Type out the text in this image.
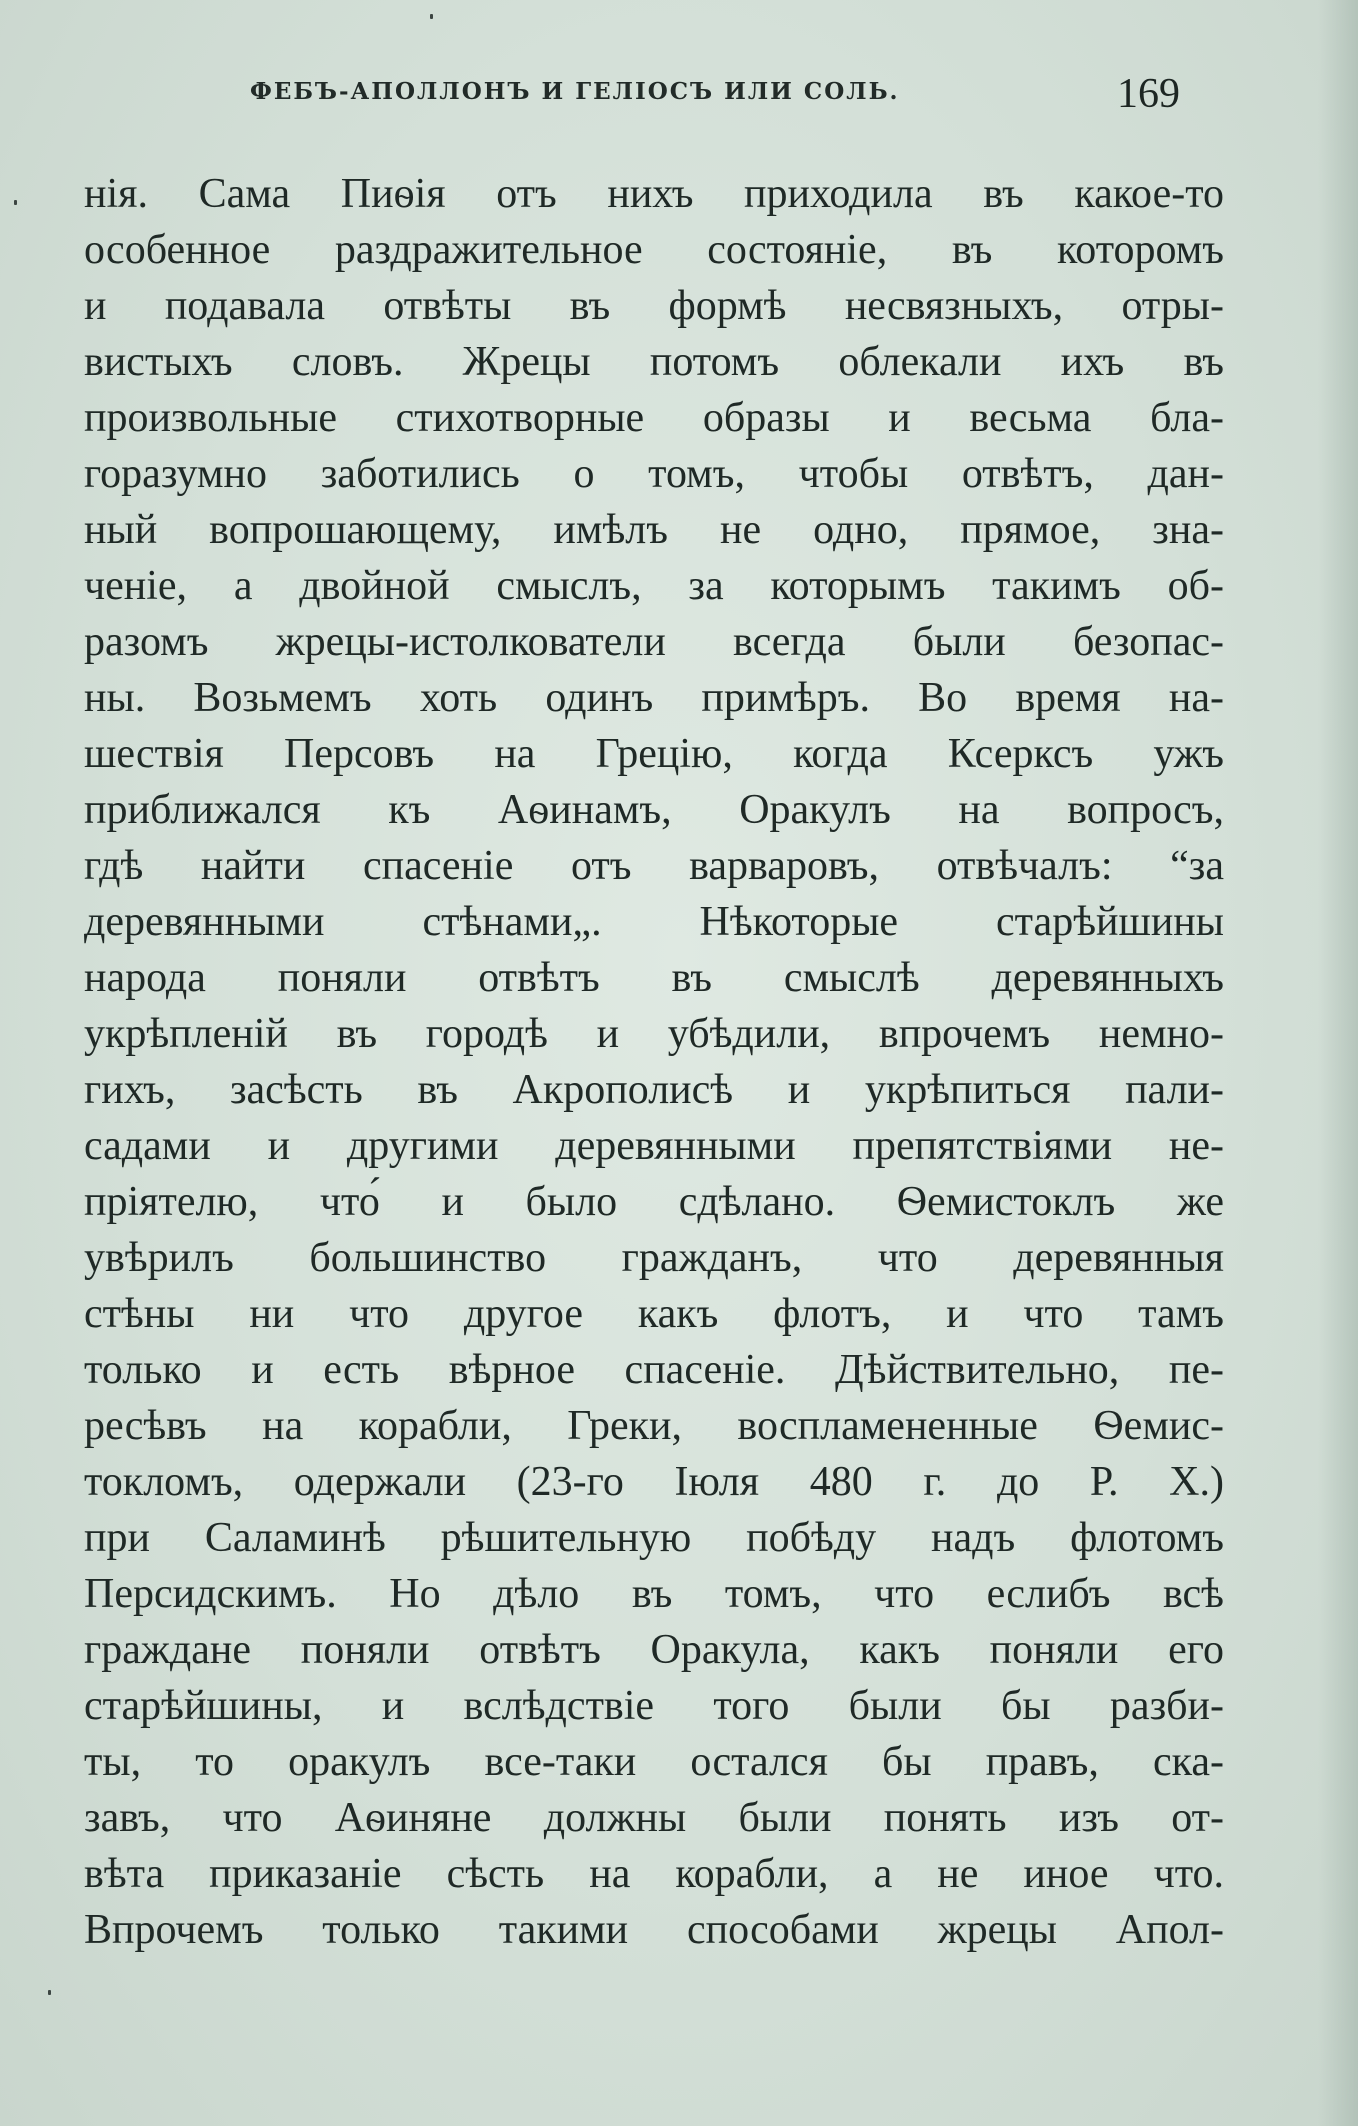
ФЕБЪ-АПОЛЛОНЪ И ГЕЛІОСЪ ИЛИ СОЛЬ.	169
нія. Сама Пиѳія отъ нихъ приходила въ какое-то
особенное раздражительное состояніе, въ которомъ
и подавала отвѣты въ формѣ несвязныхъ, отры-
вистыхъ словъ. Жрецы потомъ облекали ихъ въ
произвольные стихотворные образы и весьма бла-
горазумно заботились о томъ, чтобы отвѣтъ, дан-
ный вопрошающему, имѣлъ не одно, прямое, зна-
ченіе, а двойной смыслъ, за которымъ такимъ об-
разомъ жрецы-истолкователи всегда были безопас-
ны. Возьмемъ хоть одинъ примѣръ. Во время на-
шествія Персовъ на Грецію, когда Ксерксъ ужъ
приближался къ Аѳинамъ, Оракулъ на вопросъ,
гдѣ найти спасеніе отъ варваровъ, отвѣчалъ: “за
деревянными стѣнами„. Нѣкоторые старѣйшины
народа поняли отвѣтъ въ смыслѣ деревянныхъ
укрѣпленій въ городѣ и убѣдили, впрочемъ немно-
гихъ, засѣсть въ Акрополисѣ и укрѣпиться пали-
садами и другими деревянными препятствіями не-
пріятелю, что́ и было сдѣлано. Ѳемистоклъ же
увѣрилъ большинство гражданъ, что деревянныя
стѣны ни что другое какъ флотъ, и что тамъ
только и есть вѣрное спасеніе. Дѣйствительно, пе-
ресѣвъ на корабли, Греки, воспламененные Ѳемис-
токломъ, одержали (23-го Іюля 480 г. до Р. Х.)
при Саламинѣ рѣшительную побѣду надъ флотомъ
Персидскимъ. Но дѣло въ томъ, что еслибъ всѣ
граждане поняли отвѣтъ Оракула, какъ поняли его
старѣйшины, и вслѣдствіе того были бы разби-
ты, то оракулъ все-таки остался бы правъ, ска-
завъ, что Аѳиняне должны были понять изъ от-
вѣта приказаніе сѣсть на корабли, а не иное что.
Впрочемъ только такими способами жрецы Апол-
